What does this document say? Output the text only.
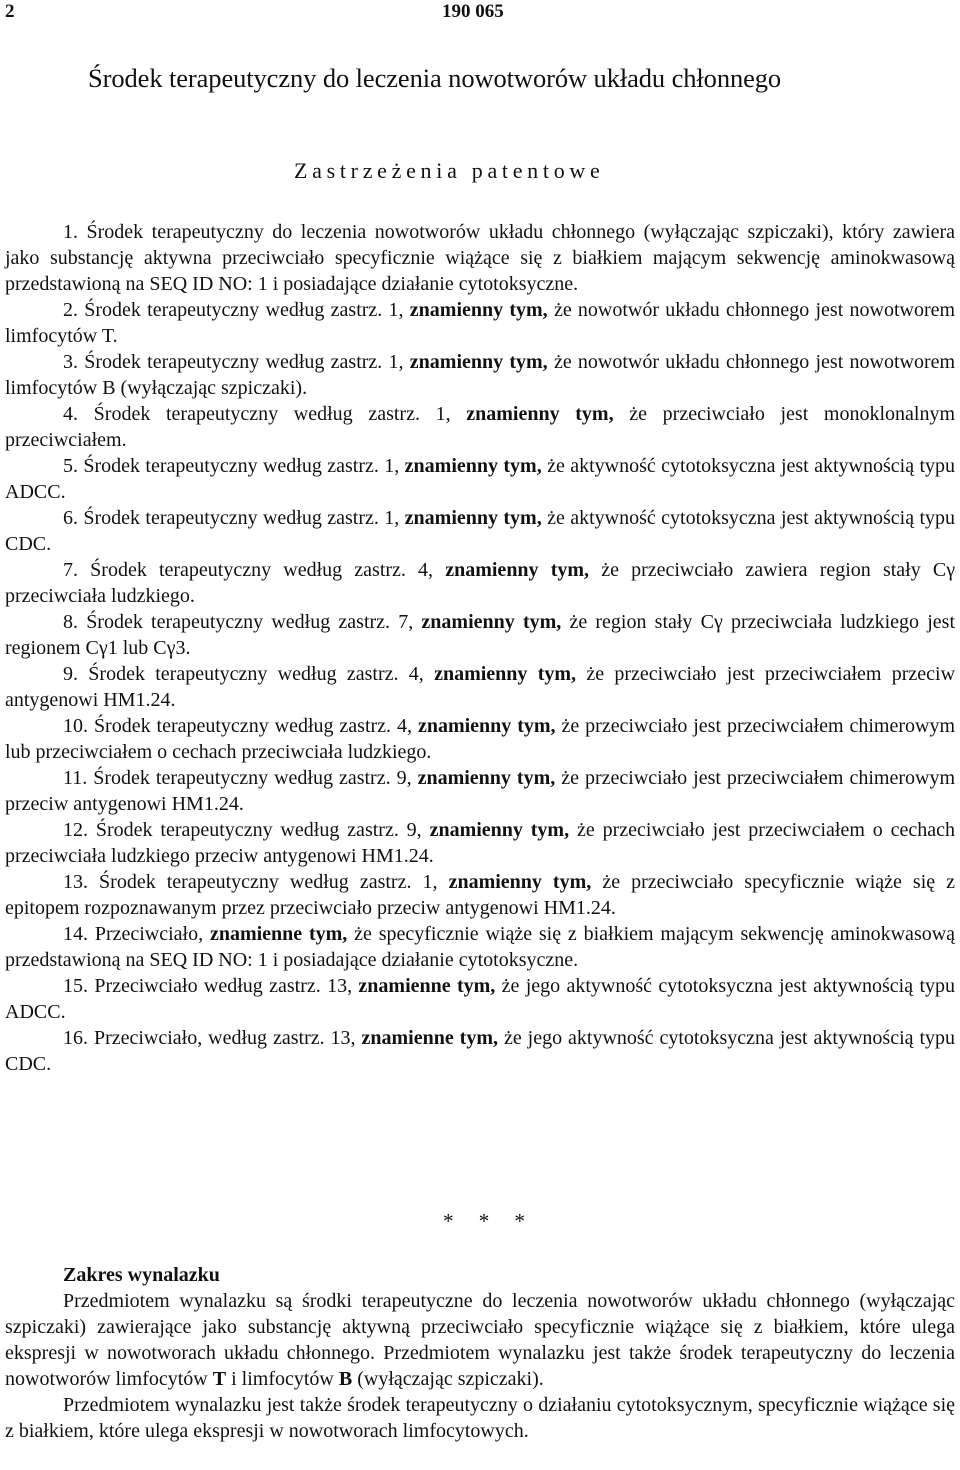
2	190 065
Środek terapeutyczny do leczenia nowotworów układu chłonnego
Zastrzeżenia patentowe

1. Środek terapeutyczny do leczenia nowotworów układu chłonnego (wyłączając szpiczaki), który zawiera jako substancję aktywna przeciwciało specyficznie wiążące się z białkiem mającym sekwencję aminokwasową przedstawioną na SEQ ID NO: 1 i posiadające działanie cytotoksyczne.

2. Środek terapeutyczny według zastrz. 1, znamienny tym, że nowotwór układu chłonnego jest nowotworem limfocytów T.

3. Środek terapeutyczny według zastrz. 1, znamienny tym, że nowotwór układu chłonnego jest nowotworem limfocytów B (wyłączając szpiczaki).

4. Środek terapeutyczny według zastrz. 1, znamienny tym, że przeciwciało jest monoklonalnym przeciwciałem.

5. Środek terapeutyczny według zastrz. 1, znamienny tym, że aktywność cytotoksyczna jest aktywnością typu ADCC.

6. Środek terapeutyczny według zastrz. 1, znamienny tym, że aktywność cytotoksyczna jest aktywnością typu CDC.

7. Środek terapeutyczny według zastrz. 4, znamienny tym, że przeciwciało zawiera region stały Cγ przeciwciała ludzkiego.

8. Środek terapeutyczny według zastrz. 7, znamienny tym, że region stały Cγ przeciwciała ludzkiego jest regionem Cγ1 lub Cγ3.

9. Środek terapeutyczny według zastrz. 4, znamienny tym, że przeciwciało jest przeciwciałem przeciw antygenowi HM1.24.

10. Środek terapeutyczny według zastrz. 4, znamienny tym, że przeciwciało jest przeciwciałem chimerowym lub przeciwciałem o cechach przeciwciała ludzkiego.

11. Środek terapeutyczny według zastrz. 9, znamienny tym, że przeciwciało jest przeciwciałem chimerowym przeciw antygenowi HM1.24.

12. Środek terapeutyczny według zastrz. 9, znamienny tym, że przeciwciało jest przeciwciałem o cechach przeciwciała ludzkiego przeciw antygenowi HM1.24.

13. Środek terapeutyczny według zastrz. 1, znamienny tym, że przeciwciało specyficznie wiąże się z epitopem rozpoznawanym przez przeciwciało przeciw antygenowi HM1.24.

14. Przeciwciało, znamienne tym, że specyficznie wiąże się z białkiem mającym sekwencję aminokwasową przedstawioną na SEQ ID NO: 1 i posiadające działanie cytotoksyczne.

15. Przeciwciało według zastrz. 13, znamienne tym, że jego aktywność cytotoksyczna jest aktywnością typu ADCC.

16. Przeciwciało, według zastrz. 13, znamienne tym, że jego aktywność cytotoksyczna jest aktywnością typu CDC.

* * *
Zakres wynalazku

Przedmiotem wynalazku są środki terapeutyczne do leczenia nowotworów układu chłonnego (wyłączając szpiczaki) zawierające jako substancję aktywną przeciwciało specyficznie wiążące się z białkiem, które ulega ekspresji w nowotworach układu chłonnego. Przedmiotem wynalazku jest także środek terapeutyczny do leczenia nowotworów limfocytów T i limfocytów B (wyłączając szpiczaki).

Przedmiotem wynalazku jest także środek terapeutyczny o działaniu cytotoksycznym, specyficznie wiążące się z białkiem, które ulega ekspresji w nowotworach limfocytowych.
